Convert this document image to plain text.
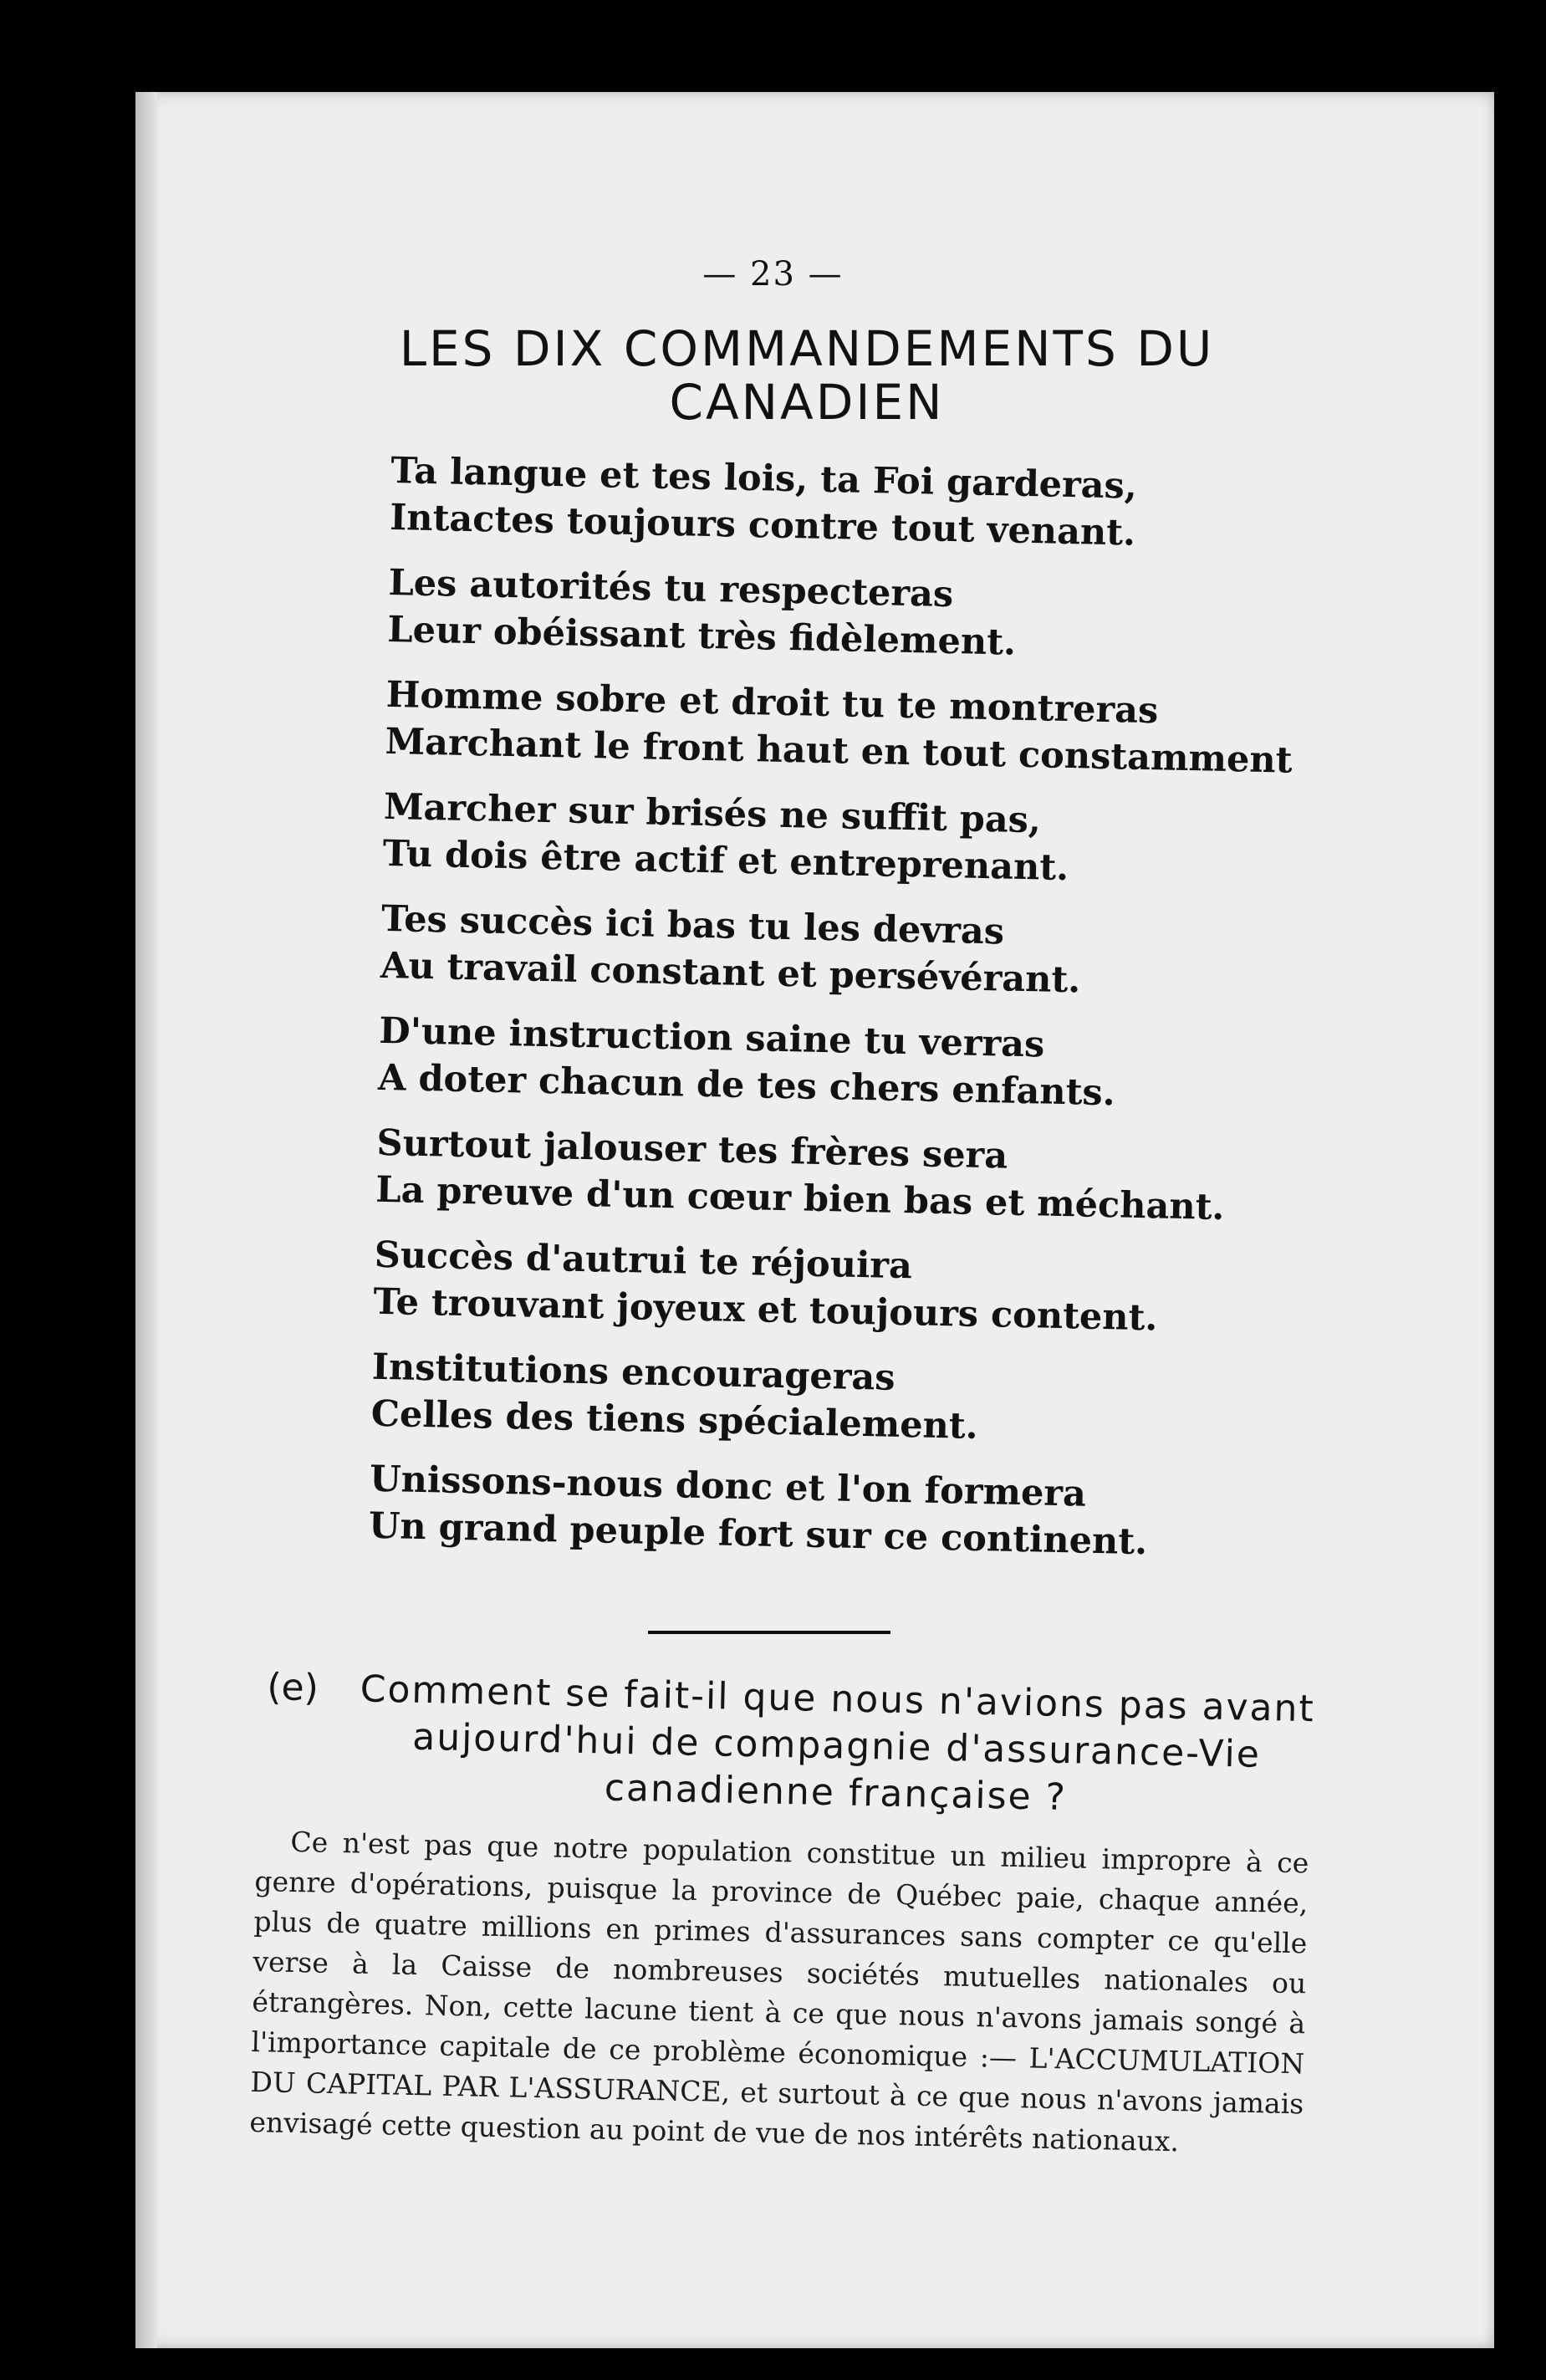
— 23 —
LES DIX COMMANDEMENTS DU CANADIEN
Ta langue et tes lois, ta Foi garderas,
Intactes toujours contre tout venant.
Les autorités tu respecteras
Leur obéissant très fidèlement.
Homme sobre et droit tu te montreras
Marchant le front haut en tout constamment
Marcher sur brisés ne suffit pas,
Tu dois être actif et entreprenant.
Tes succès ici bas tu les devras
Au travail constant et persévérant.
D'une instruction saine tu verras
A doter chacun de tes chers enfants.
Surtout jalouser tes frères sera
La preuve d'un cœur bien bas et méchant.
Succès d'autrui te réjouira
Te trouvant joyeux et toujours content.
Institutions encourageras
Celles des tiens spécialement.
Unissons-nous donc et l'on formera
Un grand peuple fort sur ce continent.
(e)	Comment se fait-il que nous n'avions pas avant aujourd'hui de compagnie d'assurance-Vie canadienne française ?
Ce n'est pas que notre population constitue un milieu impropre à ce genre d'opérations, puisque la province de Québec paie, chaque année, plus de quatre millions en primes d'assurances sans compter ce qu'elle verse à la Caisse de nombreuses sociétés mutuelles nationales ou étrangères. Non, cette lacune tient à ce que nous n'avons jamais songé à l'importance capitale de ce problème économique :— L'ACCUMULATION DU CAPITAL PAR L'ASSURANCE, et surtout à ce que nous n'avons jamais envisagé cette question au point de vue de nos intérêts nationaux.
